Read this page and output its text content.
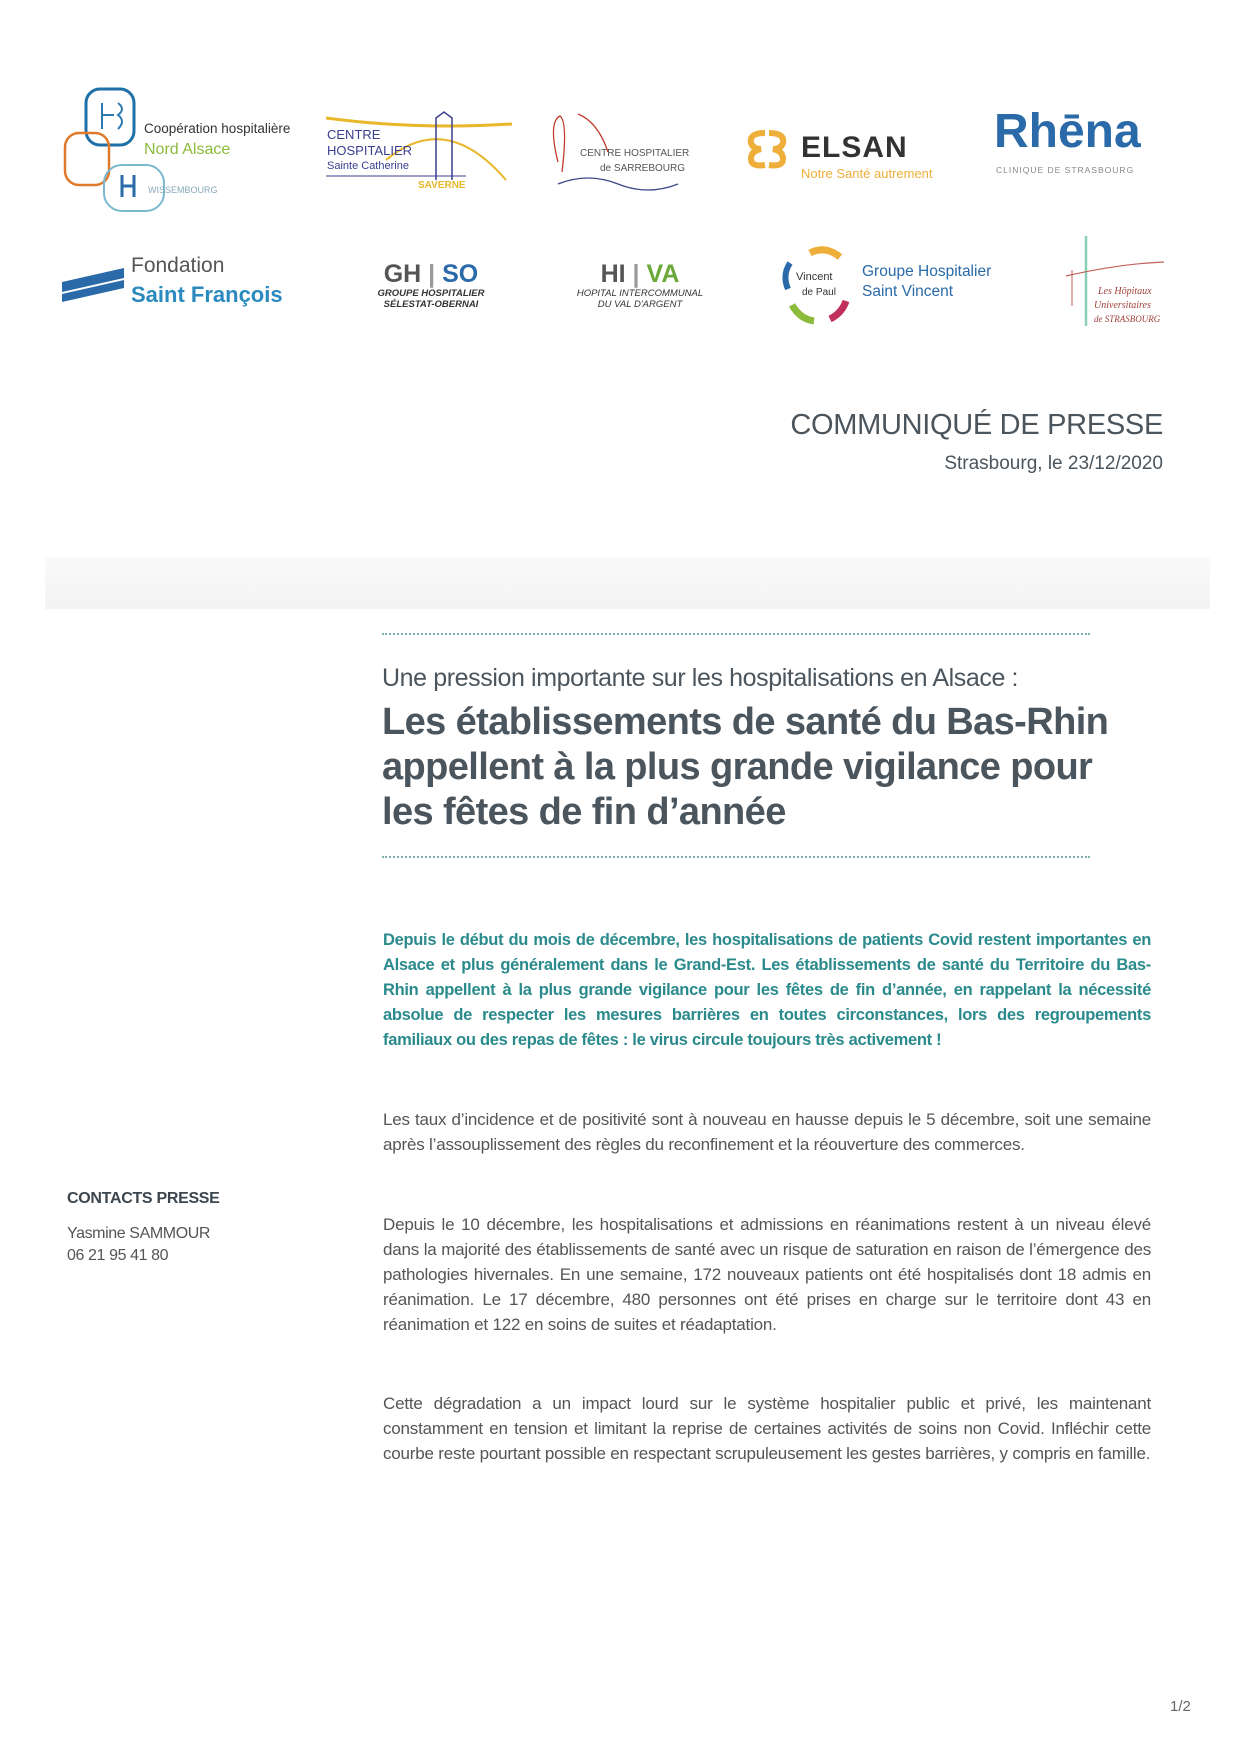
Coopération hospitalière
Nord Alsace
WISSEMBOURG
CENTRE
HOSPITALIER
Sainte Catherine
SAVERNE
CENTRE HOSPITALIER
de SARREBOURG
ELSAN
Notre Santé autrement
Rhēna
CLINIQUE DE STRASBOURG
Fondation
Saint François
GH | SO
GROUPE HOSPITALIER
SÉLESTAT-OBERNAI
HI | VA
HOPITAL INTERCOMMUNAL
DU VAL D'ARGENT
Vincent
de Paul
Groupe Hospitalier
Saint Vincent	Les Hôpitaux
Universitaires
de STRASBOURG
COMMUNIQUÉ DE PRESSE
Strasbourg, le 23/12/2020
Une pression importante sur les hospitalisations en Alsace :
Les établissements de santé du Bas-Rhin appellent à la plus grande vigilance pour les fêtes de fin d’année
Depuis le début du mois de décembre, les hospitalisations de patients Covid restent importantes en Alsace et plus généralement dans le Grand-Est. Les établissements de santé du Territoire du Bas-Rhin appellent à la plus grande vigilance pour les fêtes de fin d’année, en rappelant la nécessité absolue de respecter les mesures barrières en toutes circonstances, lors des regroupements familiaux ou des repas de fêtes : le virus circule toujours très activement !
Les taux d’incidence et de positivité sont à nouveau en hausse depuis le 5 décembre, soit une semaine après l’assouplissement des règles du reconfinement et la réouverture des commerces.
Depuis le 10 décembre, les hospitalisations et admissions en réanimations restent à un niveau élevé dans la majorité des établissements de santé avec un risque de saturation en raison de l’émergence des pathologies hivernales. En une semaine, 172 nouveaux patients ont été hospitalisés dont 18 admis en réanimation. Le 17 décembre, 480 personnes ont été prises en charge sur le territoire dont 43 en réanimation et 122 en soins de suites et réadaptation.
Cette dégradation a un impact lourd sur le système hospitalier public et privé, les maintenant constamment en tension et limitant la reprise de certaines activités de soins non Covid. Infléchir cette courbe reste pourtant possible en respectant scrupuleusement les gestes barrières, y compris en famille.
CONTACTS PRESSE
Yasmine SAMMOUR
06 21 95 41 80
1/2
